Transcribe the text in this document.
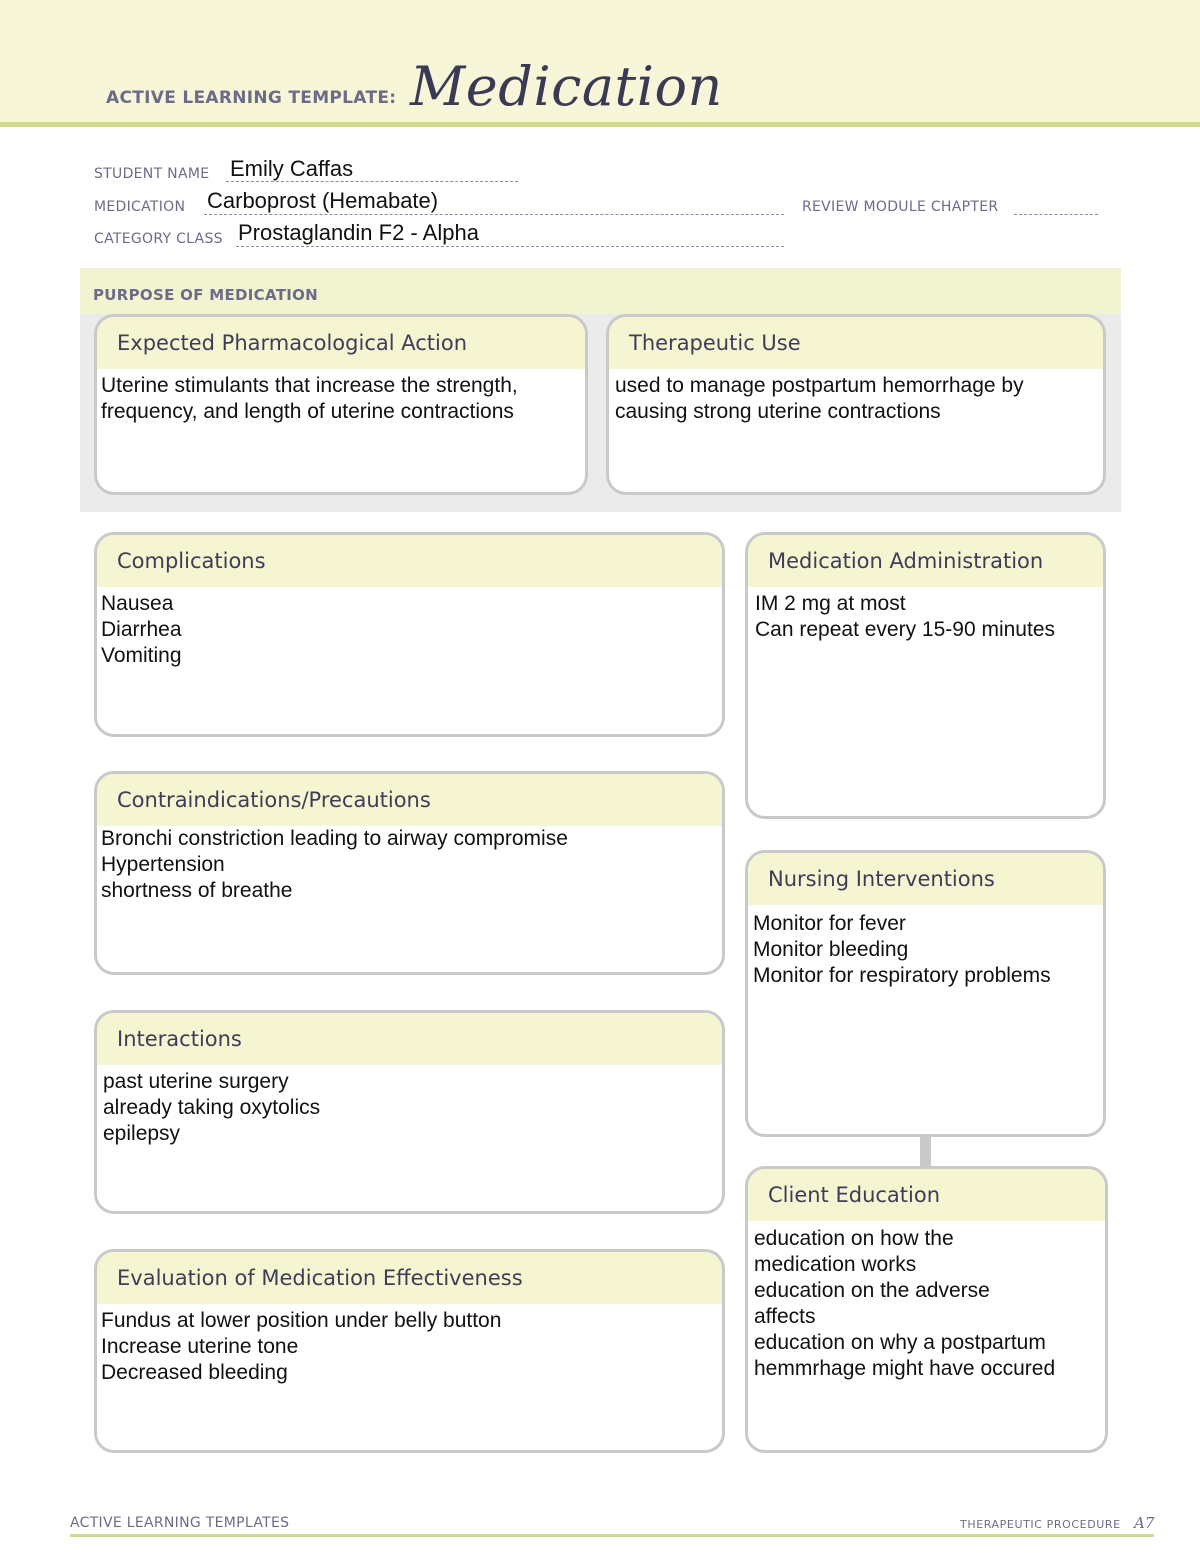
ACTIVE LEARNING TEMPLATE: Medication
STUDENT NAME Emily Caffas
MEDICATION Carboprost (Hemabate)	REVIEW MODULE CHAPTER
CATEGORY CLASS Prostaglandin F2 - Alpha
PURPOSE OF MEDICATION
Expected Pharmacological Action
Uterine stimulants that increase the strength,
frequency, and length of uterine contractions
Therapeutic Use
used to manage postpartum hemorrhage by
causing strong uterine contractions
Complications
Nausea
Diarrhea
Vomiting
Contraindications/Precautions
Bronchi constriction leading to airway compromise
Hypertension
shortness of breathe
Interactions
past uterine surgery
already taking oxytolics
epilepsy
Evaluation of Medication Effectiveness
Fundus at lower position under belly button
Increase uterine tone
Decreased bleeding
Medication Administration
IM 2 mg at most
Can repeat every 15-90 minutes
Nursing Interventions
Monitor for fever
Monitor bleeding
Monitor for respiratory problems
Client Education
education on how the
medication works
education on the adverse
affects
education on why a postpartum
hemmrhage might have occured
ACTIVE LEARNING TEMPLATES	THERAPEUTIC PROCEDURE A7
